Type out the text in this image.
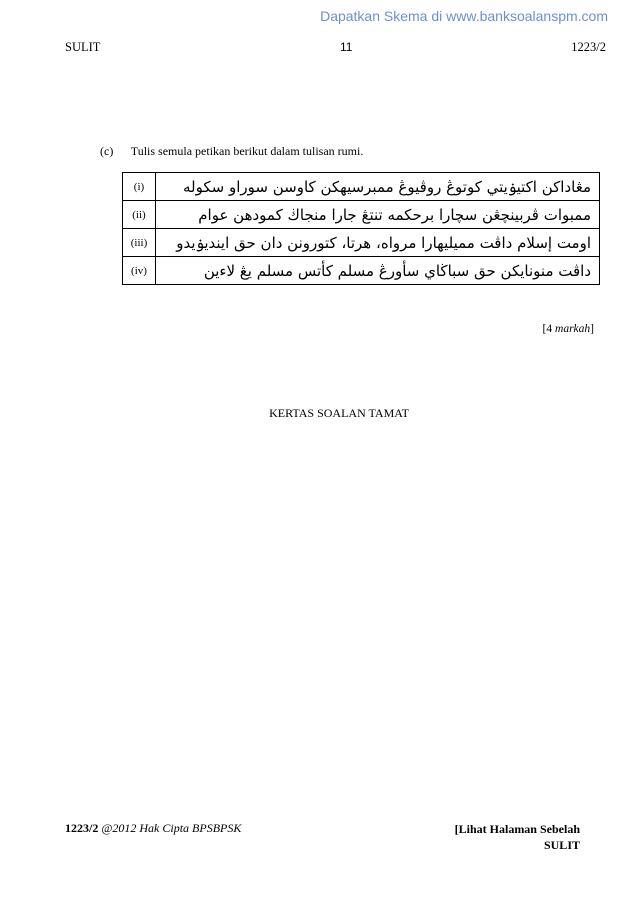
Dapatkan Skema di www.banksoalanspm.com
SULIT	11	1223/2
(c) Tulis semula petikan berikut dalam tulisan rumi.
(i)	مڠاداكن اكتيۏيتي كوتوڠ روڤيوڠ ممبرسيهكن كاوسن سوراو سكوله
(ii)	ممبوات ڤربينچڠن سچارا برحكمه تنتڠ جارا منجاڬ كمودهن عوام
(iii)	اومت إسلام داڤت مميليهارا مرواه، هرتا، كتورونن دان حق ايندیۏيدو
(iv)	داڤت منونايكن حق سباڬاي سأورڠ مسلم كأتس مسلم يڠ لاءين
[4 markah]
KERTAS SOALAN TAMAT
1223/2 @2012 Hak Cipta BPSBPSK	[Lihat Halaman Sebelah
SULIT
